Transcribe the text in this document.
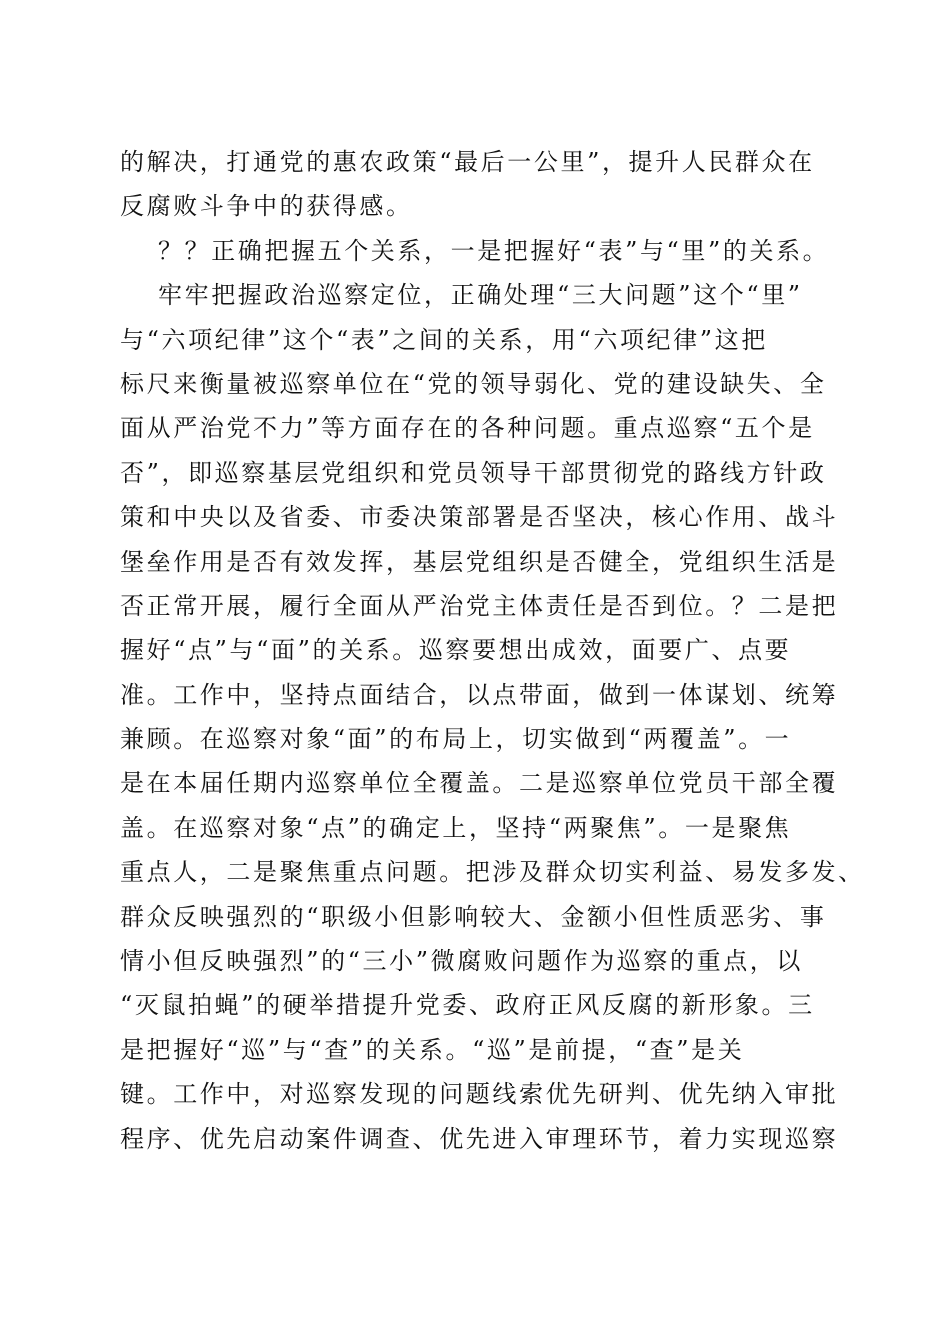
的解决，打通党的惠农政策“最后一公里”，提升人民群众在
反腐败斗争中的获得感。
？？正确把握五个关系，一是把握好“表”与“里”的关系。
牢牢把握政治巡察定位，正确处理“三大问题”这个“里”
与“六项纪律”这个“表”之间的关系，用“六项纪律”这把
标尺来衡量被巡察单位在“党的领导弱化、党的建设缺失、全
面从严治党不力”等方面存在的各种问题。重点巡察“五个是
否”，即巡察基层党组织和党员领导干部贯彻党的路线方针政
策和中央以及省委、市委决策部署是否坚决，核心作用、战斗
堡垒作用是否有效发挥，基层党组织是否健全，党组织生活是
否正常开展，履行全面从严治党主体责任是否到位。？二是把
握好“点”与“面”的关系。巡察要想出成效，面要广、点要
准。工作中，坚持点面结合，以点带面，做到一体谋划、统筹
兼顾。在巡察对象“面”的布局上，切实做到“两覆盖”。一
是在本届任期内巡察单位全覆盖。二是巡察单位党员干部全覆
盖。在巡察对象“点”的确定上，坚持“两聚焦”。一是聚焦
重点人，二是聚焦重点问题。把涉及群众切实利益、易发多发、
群众反映强烈的“职级小但影响较大、金额小但性质恶劣、事
情小但反映强烈”的“三小”微腐败问题作为巡察的重点，以
“灭鼠拍蝇”的硬举措提升党委、政府正风反腐的新形象。三
是把握好“巡”与“查”的关系。“巡”是前提，“查”是关
键。工作中，对巡察发现的问题线索优先研判、优先纳入审批
程序、优先启动案件调查、优先进入审理环节，着力实现巡察
